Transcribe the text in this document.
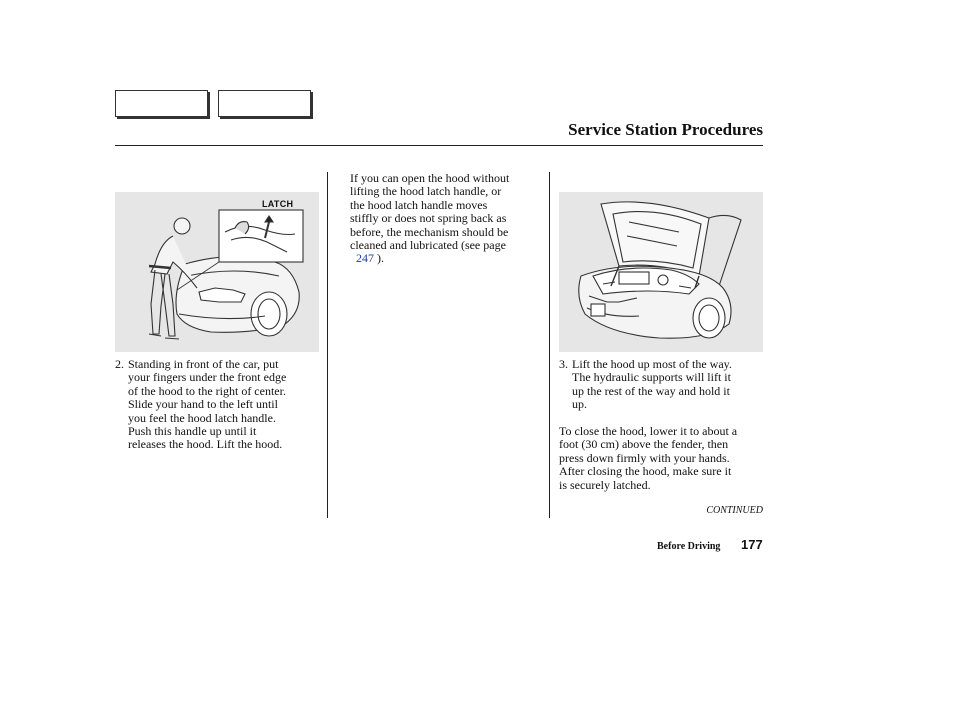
Service Station Procedures
LATCH
2. Standing in front of the car, put
your fingers under the front edge
of the hood to the right of center.
Slide your hand to the left until
you feel the hood latch handle.
Push this handle up until it
releases the hood. Lift the hood.
If you can open the hood without
lifting the hood latch handle, or
the hood latch handle moves
stiffly or does not spring back as
before, the mechanism should be
cleaned and lubricated (see page
247 ).
3. Lift the hood up most of the way.
The hydraulic supports will lift it
up the rest of the way and hold it
up.
To close the hood, lower it to about a
foot (30 cm) above the fender, then
press down firmly with your hands.
After closing the hood, make sure it
is securely latched.
CONTINUED
Before Driving 177
